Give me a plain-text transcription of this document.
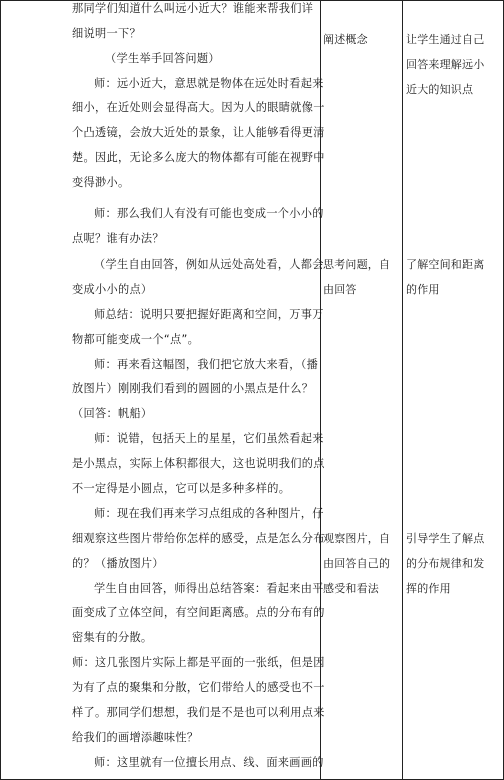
那同学们知道什么叫远小近大？谁能来帮我们详
细说明一下？
（学生举手回答问题）
师：远小近大，意思就是物体在远处时看起来
细小，在近处则会显得高大。因为人的眼睛就像一
个凸透镜，会放大近处的景象，让人能够看得更清
楚。因此，无论多么庞大的物体都有可能在视野中
变得渺小。
师：那么我们人有没有可能也变成一个小小的
点呢？谁有办法？
（学生自由回答，例如从远处高处看，人都会
变成小小的点）
师总结：说明只要把握好距离和空间，万事万
物都可能变成一个“点”。
师：再来看这幅图，我们把它放大来看，（播
放图片）刚刚我们看到的圆圆的小黑点是什么？
（回答：帆船）
师：说错，包括天上的星星，它们虽然看起来
是小黑点，实际上体积都很大，这也说明我们的点
不一定得是小圆点，它可以是多种多样的。
师：现在我们再来学习点组成的各种图片，仔
细观察这些图片带给你怎样的感受，点是怎么分布
的？（播放图片）
学生自由回答，师得出总结答案：看起来由平
面变成了立体空间，有空间距离感。点的分布有的
密集有的分散。
师：这几张图片实际上都是平面的一张纸，但是因
为有了点的聚集和分散，它们带给人的感受也不一
样了。那同学们想想，我们是不是也可以利用点来
给我们的画增添趣味性？
师：这里就有一位擅长用点、线、面来画画的
阐述概念
思考问题，自
由回答
观察图片，自
由回答自己的
感受和看法
让学生通过自己
回答来理解远小
近大的知识点
了解空间和距离
的作用
引导学生了解点
的分布规律和发
挥的作用
